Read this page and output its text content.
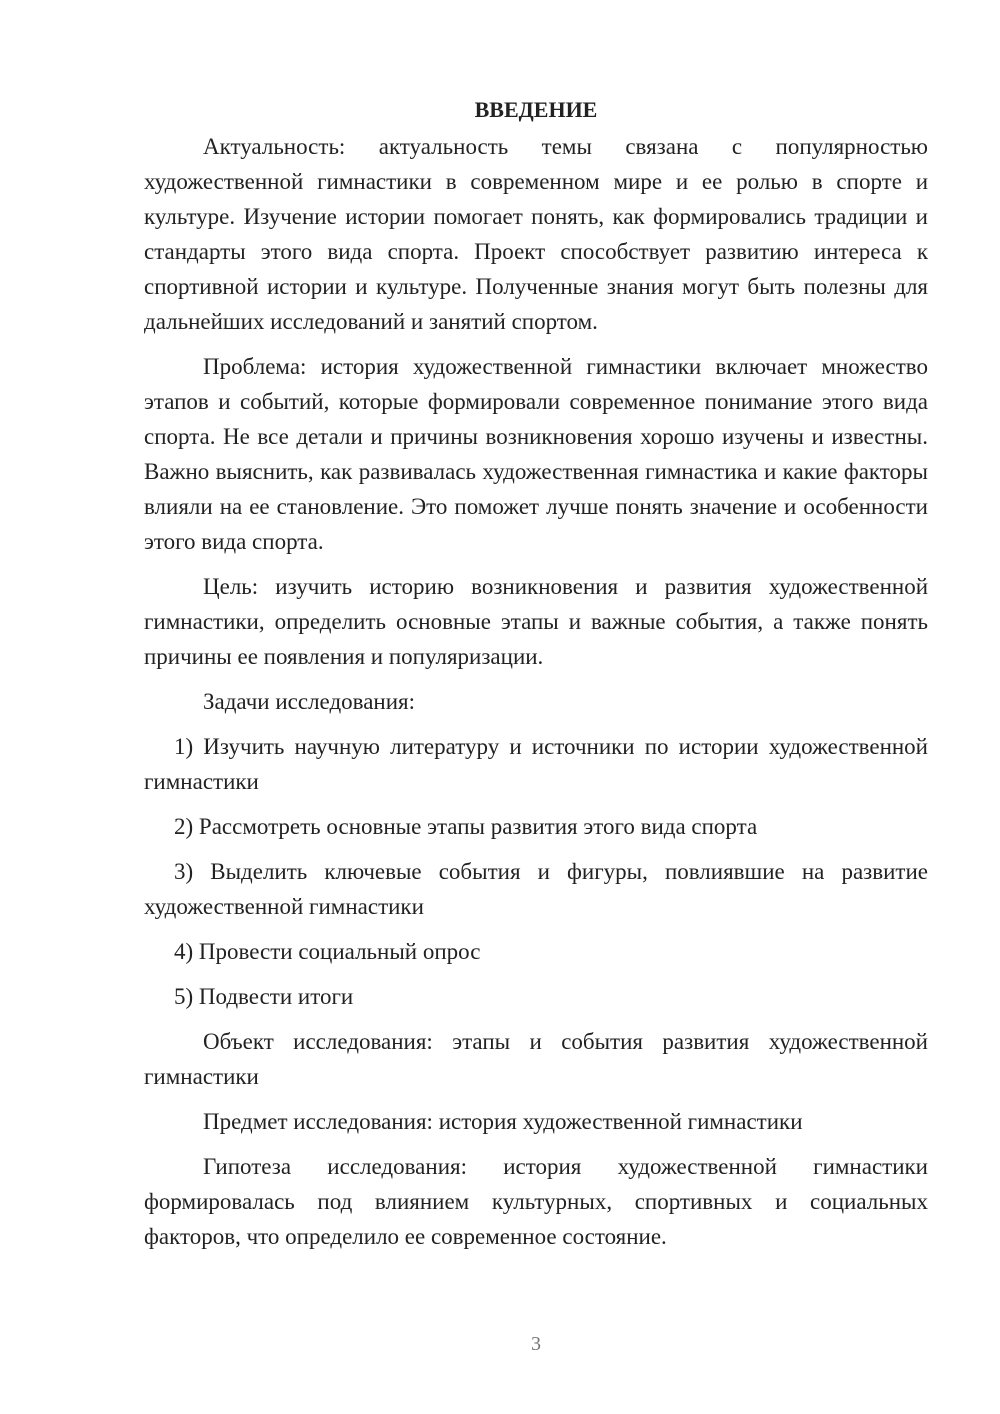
ВВЕДЕНИЕ

Актуальность: актуальность темы связана с популярностью художественной гимнастики в современном мире и ее ролью в спорте и культуре. Изучение истории помогает понять, как формировались традиции и стандарты этого вида спорта. Проект способствует развитию интереса к спортивной истории и культуре. Полученные знания могут быть полезны для дальнейших исследований и занятий спортом.

Проблема: история художественной гимнастики включает множество этапов и событий, которые формировали современное понимание этого вида спорта. Не все детали и причины возникновения хорошо изучены и известны. Важно выяснить, как развивалась художественная гимнастика и какие факторы влияли на ее становление. Это поможет лучше понять значение и особенности этого вида спорта.

Цель: изучить историю возникновения и развития художественной гимнастики, определить основные этапы и важные события, а также понять причины ее появления и популяризации.

Задачи исследования:

1) Изучить научную литературу и источники по истории художественной гимнастики

2) Рассмотреть основные этапы развития этого вида спорта

3) Выделить ключевые события и фигуры, повлиявшие на развитие художественной гимнастики

4) Провести социальный опрос

5) Подвести итоги

Объект исследования: этапы и события развития художественной гимнастики

Предмет исследования: история художественной гимнастики

Гипотеза исследования: история художественной гимнастики формировалась под влиянием культурных, спортивных и социальных факторов, что определило ее современное состояние.

3
